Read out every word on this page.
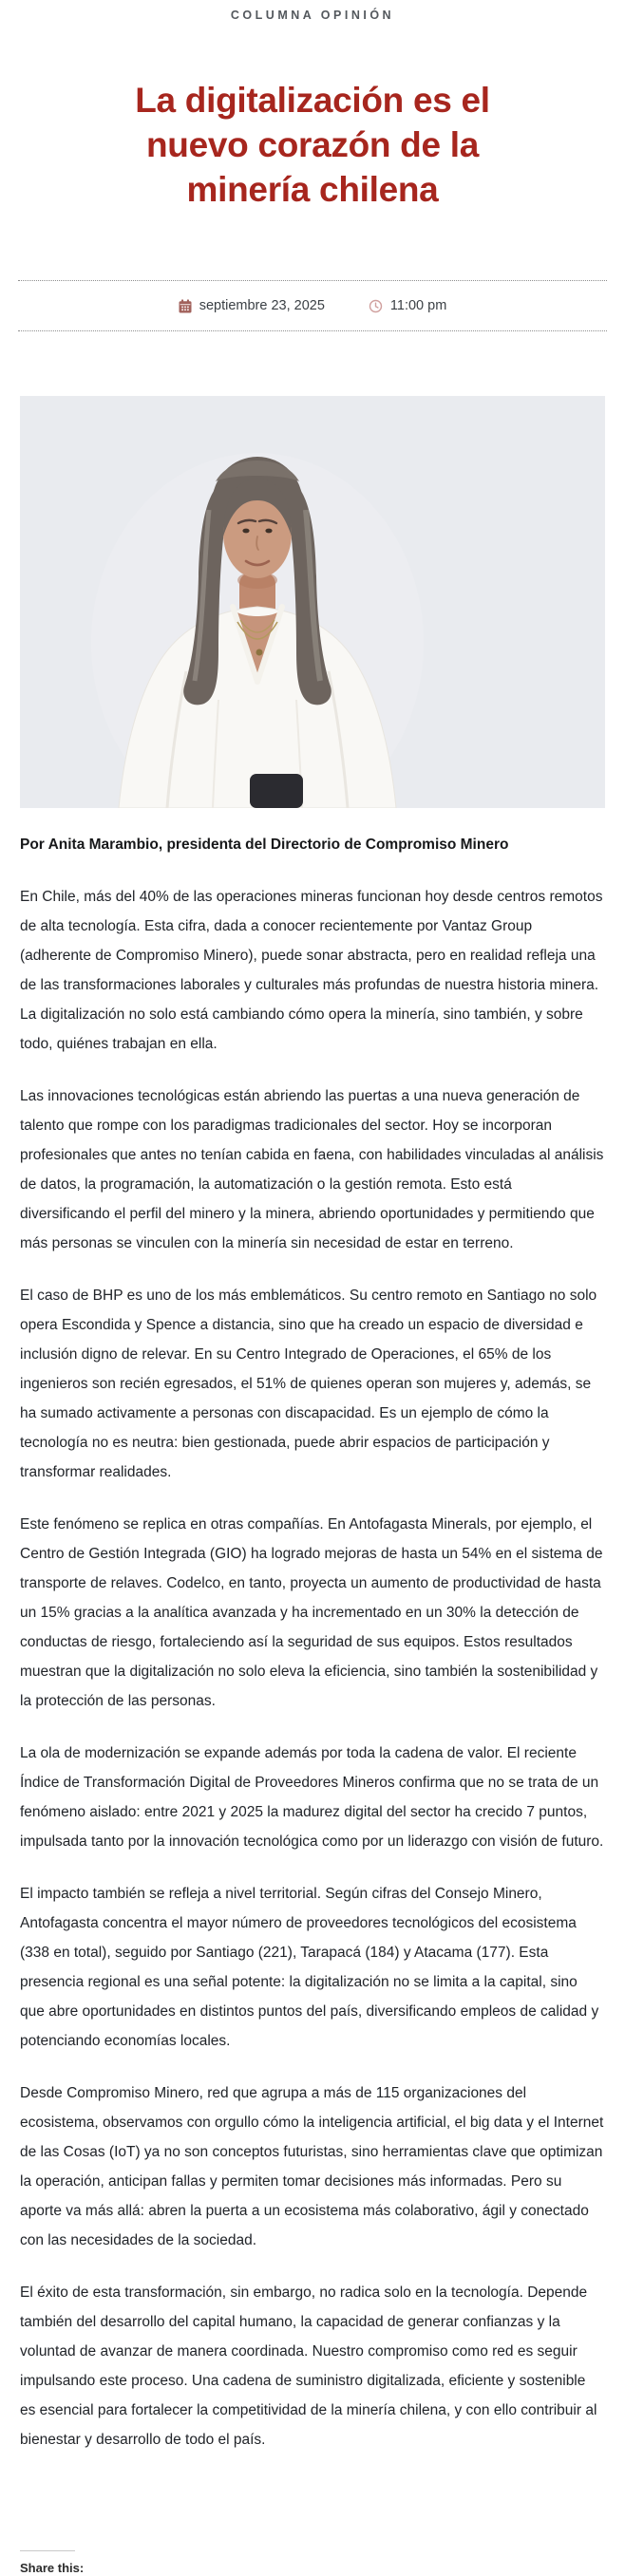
COLUMNA OPINIÓN
La digitalización es el nuevo corazón de la minería chilena
septiembre 23, 2025	11:00 pm
Por Anita Marambio, presidenta del Directorio de Compromiso Minero

En Chile, más del 40% de las operaciones mineras funcionan hoy desde centros remotos de alta tecnología. Esta cifra, dada a conocer recientemente por Vantaz Group (adherente de Compromiso Minero), puede sonar abstracta, pero en realidad refleja una de las transformaciones laborales y culturales más profundas de nuestra historia minera. La digitalización no solo está cambiando cómo opera la minería, sino también, y sobre todo, quiénes trabajan en ella.

Las innovaciones tecnológicas están abriendo las puertas a una nueva generación de talento que rompe con los paradigmas tradicionales del sector. Hoy se incorporan profesionales que antes no tenían cabida en faena, con habilidades vinculadas al análisis de datos, la programación, la automatización o la gestión remota. Esto está diversificando el perfil del minero y la minera, abriendo oportunidades y permitiendo que más personas se vinculen con la minería sin necesidad de estar en terreno.

El caso de BHP es uno de los más emblemáticos. Su centro remoto en Santiago no solo opera Escondida y Spence a distancia, sino que ha creado un espacio de diversidad e inclusión digno de relevar. En su Centro Integrado de Operaciones, el 65% de los ingenieros son recién egresados, el 51% de quienes operan son mujeres y, además, se ha sumado activamente a personas con discapacidad. Es un ejemplo de cómo la tecnología no es neutra: bien gestionada, puede abrir espacios de participación y transformar realidades.

Este fenómeno se replica en otras compañías. En Antofagasta Minerals, por ejemplo, el Centro de Gestión Integrada (GIO) ha logrado mejoras de hasta un 54% en el sistema de transporte de relaves. Codelco, en tanto, proyecta un aumento de productividad de hasta un 15% gracias a la analítica avanzada y ha incrementado en un 30% la detección de conductas de riesgo, fortaleciendo así la seguridad de sus equipos. Estos resultados muestran que la digitalización no solo eleva la eficiencia, sino también la sostenibilidad y la protección de las personas.

La ola de modernización se expande además por toda la cadena de valor. El reciente Índice de Transformación Digital de Proveedores Mineros confirma que no se trata de un fenómeno aislado: entre 2021 y 2025 la madurez digital del sector ha crecido 7 puntos, impulsada tanto por la innovación tecnológica como por un liderazgo con visión de futuro.

El impacto también se refleja a nivel territorial. Según cifras del Consejo Minero, Antofagasta concentra el mayor número de proveedores tecnológicos del ecosistema (338 en total), seguido por Santiago (221), Tarapacá (184) y Atacama (177). Esta presencia regional es una señal potente: la digitalización no se limita a la capital, sino que abre oportunidades en distintos puntos del país, diversificando empleos de calidad y potenciando economías locales.

Desde Compromiso Minero, red que agrupa a más de 115 organizaciones del ecosistema, observamos con orgullo cómo la inteligencia artificial, el big data y el Internet de las Cosas (IoT) ya no son conceptos futuristas, sino herramientas clave que optimizan la operación, anticipan fallas y permiten tomar decisiones más informadas. Pero su aporte va más allá: abren la puerta a un ecosistema más colaborativo, ágil y conectado con las necesidades de la sociedad.

El éxito de esta transformación, sin embargo, no radica solo en la tecnología. Depende también del desarrollo del capital humano, la capacidad de generar confianzas y la voluntad de avanzar de manera coordinada. Nuestro compromiso como red es seguir impulsando este proceso. Una cadena de suministro digitalizada, eficiente y sostenible es esencial para fortalecer la competitividad de la minería chilena, y con ello contribuir al bienestar y desarrollo de todo el país.

Share this:
